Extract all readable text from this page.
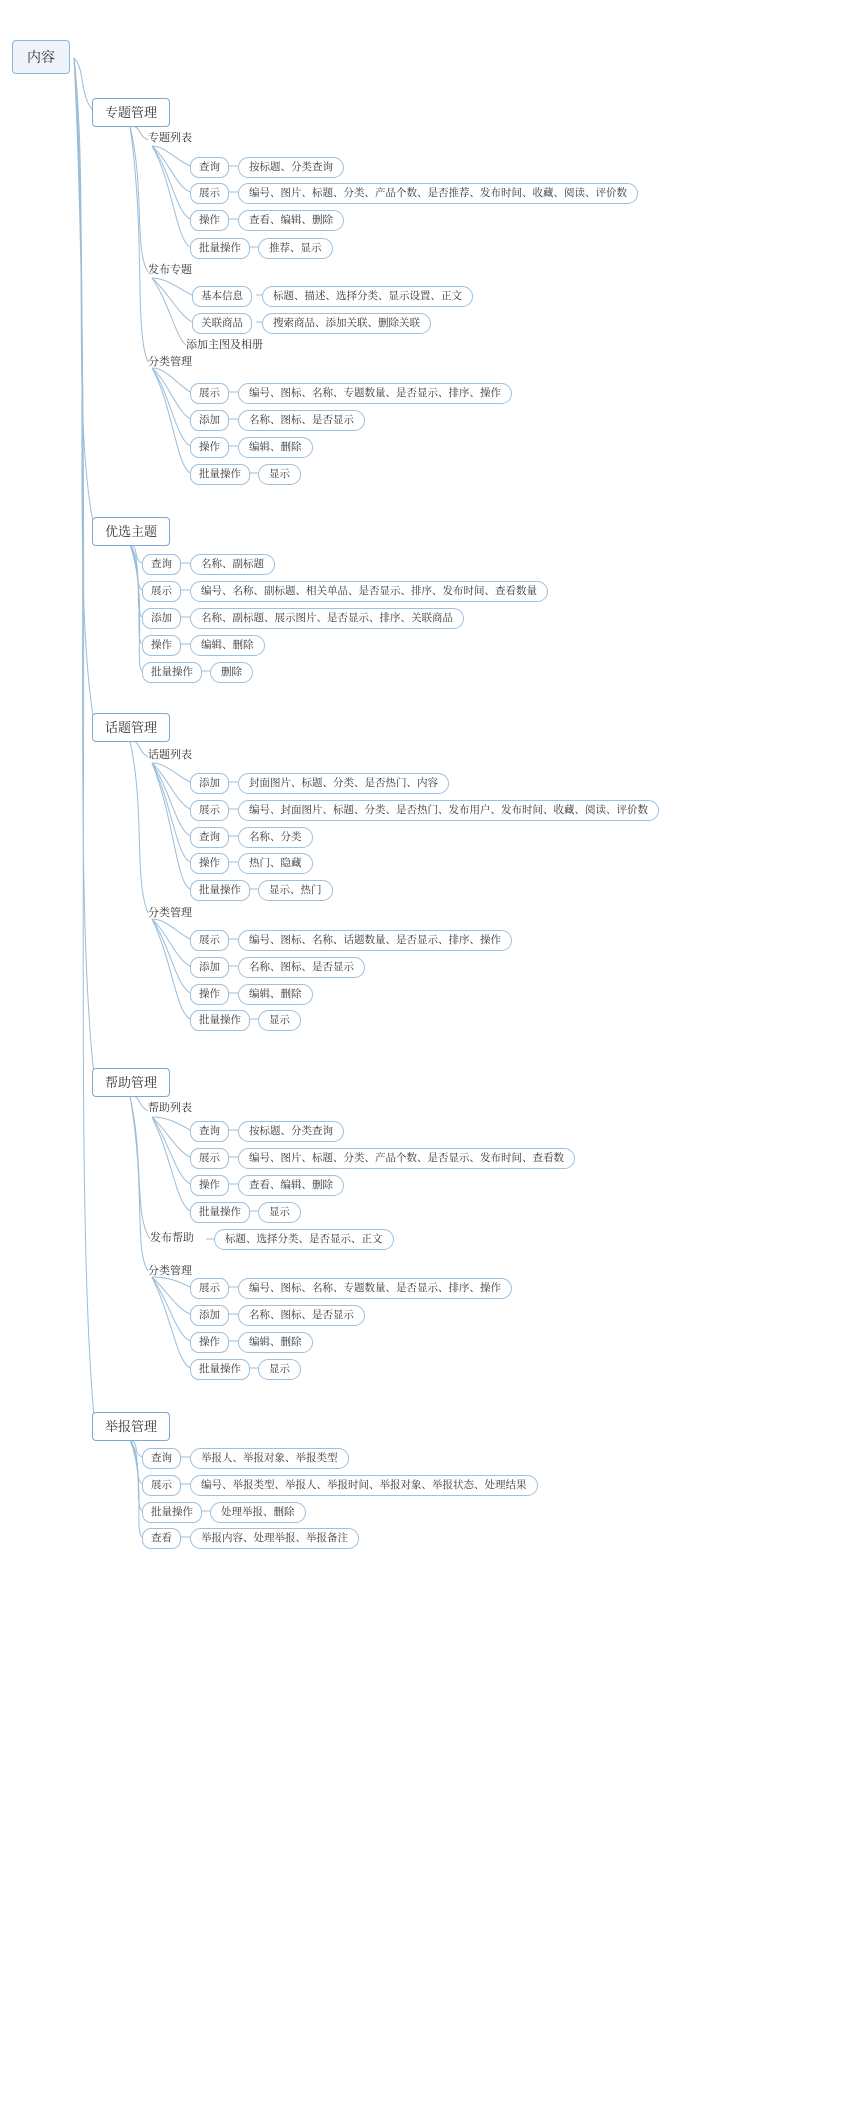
内容
专题管理
专题列表
查询	按标题、分类查询
展示	编号、图片、标题、分类、产品个数、是否推荐、发布时间、收藏、阅读、评价数
操作	查看、编辑、删除
批量操作	推荐、显示
发布专题
基本信息	标题、描述、选择分类、显示设置、正文
关联商品	搜索商品、添加关联、删除关联
添加主图及相册
分类管理
展示	编号、图标、名称、专题数量、是否显示、排序、操作
添加	名称、图标、是否显示
操作	编辑、删除
批量操作	显示
优选主题
查询	名称、副标题
展示	编号、名称、副标题、相关单品、是否显示、排序、发布时间、查看数量
添加	名称、副标题、展示图片、是否显示、排序、关联商品
操作	编辑、删除
批量操作	删除
话题管理
话题列表
添加	封面图片、标题、分类、是否热门、内容
展示	编号、封面图片、标题、分类、是否热门、发布用户、发布时间、收藏、阅读、评价数
查询	名称、分类
操作	热门、隐藏
批量操作	显示、热门
分类管理
展示	编号、图标、名称、话题数量、是否显示、排序、操作
添加	名称、图标、是否显示
操作	编辑、删除
批量操作	显示
帮助管理
帮助列表
查询	按标题、分类查询
展示	编号、图片、标题、分类、产品个数、是否显示、发布时间、查看数
操作	查看、编辑、删除
批量操作	显示
发布帮助	标题、选择分类、是否显示、正文
分类管理
展示	编号、图标、名称、专题数量、是否显示、排序、操作
添加	名称、图标、是否显示
操作	编辑、删除
批量操作	显示
举报管理
查询	举报人、举报对象、举报类型
展示	编号、举报类型、举报人、举报时间、举报对象、举报状态、处理结果
批量操作	处理举报、删除
查看	举报内容、处理举报、举报备注
